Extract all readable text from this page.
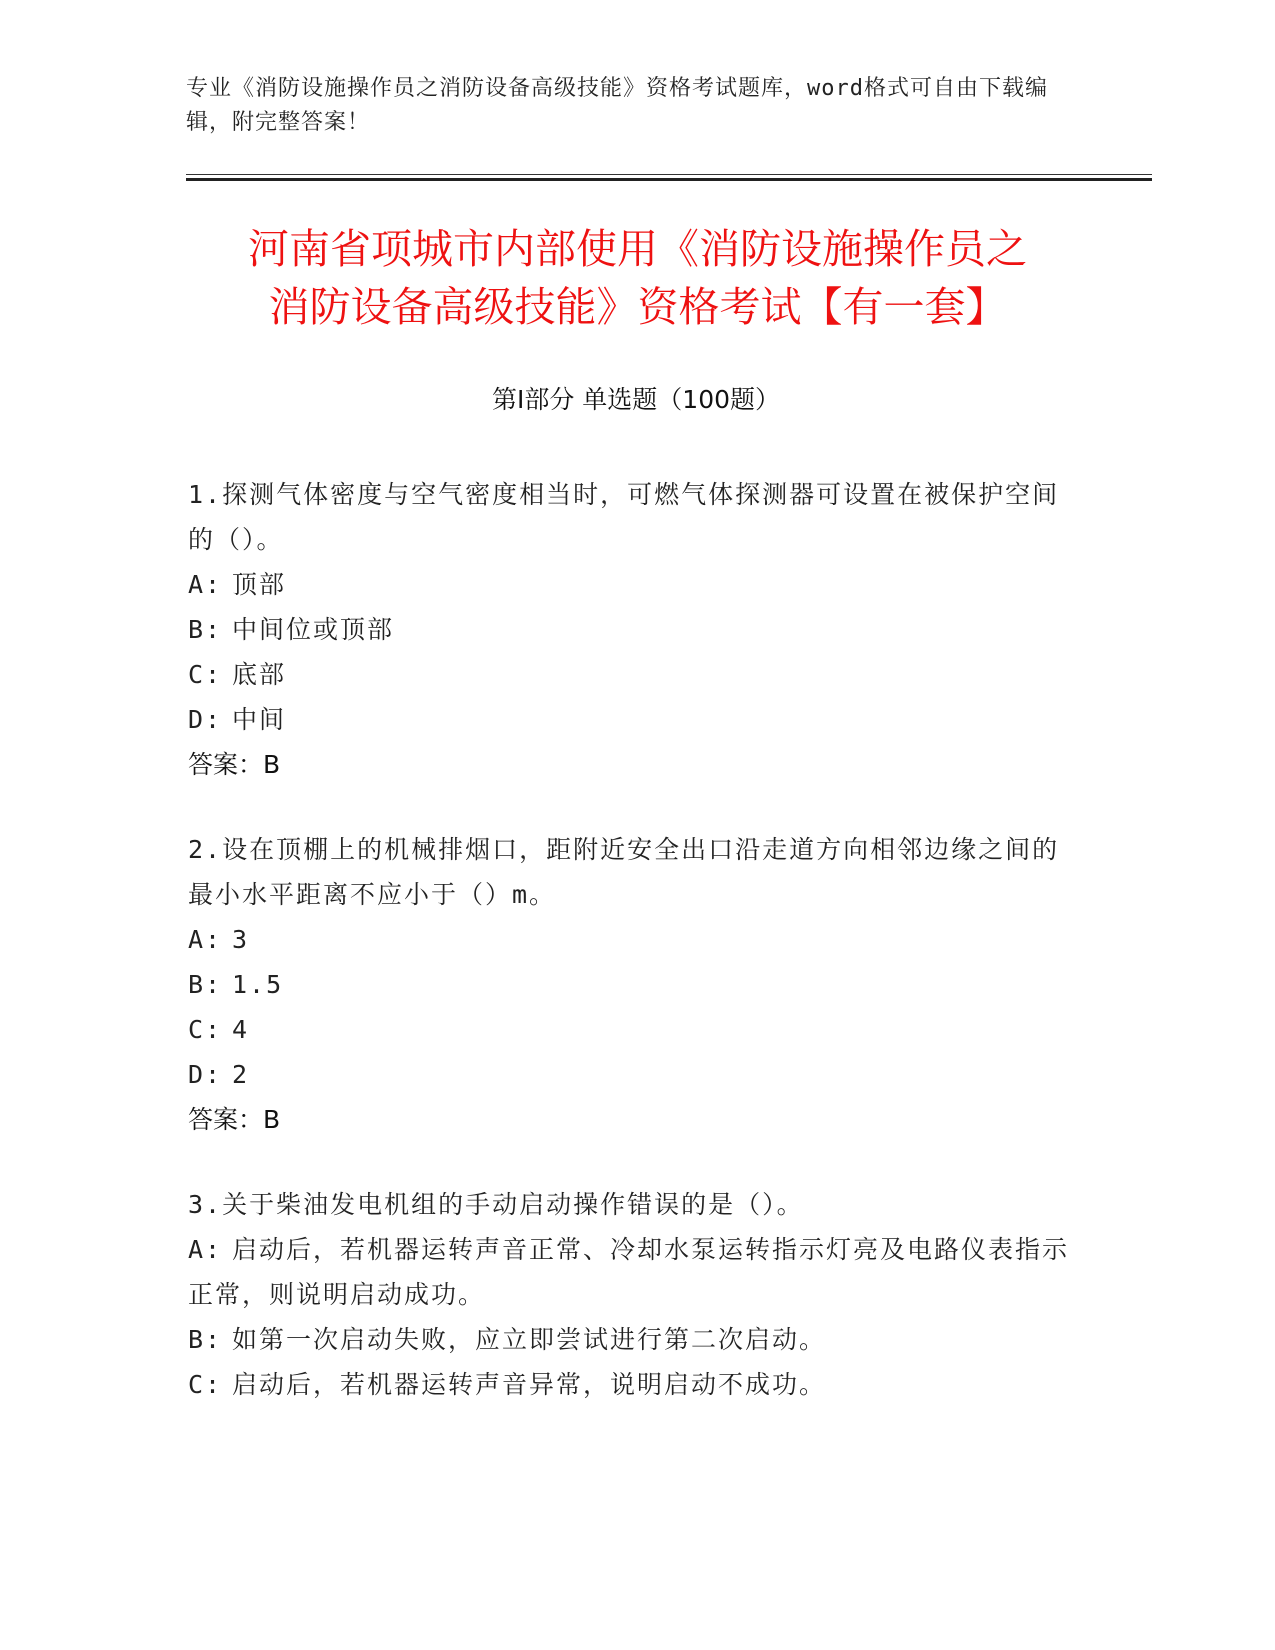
专业《消防设施操作员之消防设备高级技能》资格考试题库，word格式可自由下载编辑，附完整答案！
河南省项城市内部使用《消防设施操作员之
消防设备高级技能》资格考试【有一套】
第Ⅰ部分 单选题（100题）
1.探测气体密度与空气密度相当时，可燃气体探测器可设置在被保护空间的（）。
A: 顶部
B: 中间位或顶部
C: 底部
D: 中间
答案：B
2.设在顶棚上的机械排烟口，距附近安全出口沿走道方向相邻边缘之间的最小水平距离不应小于（）m。
A: 3
B: 1.5
C: 4
D: 2
答案：B
3.关于柴油发电机组的手动启动操作错误的是（）。
A: 启动后，若机器运转声音正常、冷却水泵运转指示灯亮及电路仪表指示正常，则说明启动成功。
B: 如第一次启动失败，应立即尝试进行第二次启动。
C: 启动后，若机器运转声音异常，说明启动不成功。
